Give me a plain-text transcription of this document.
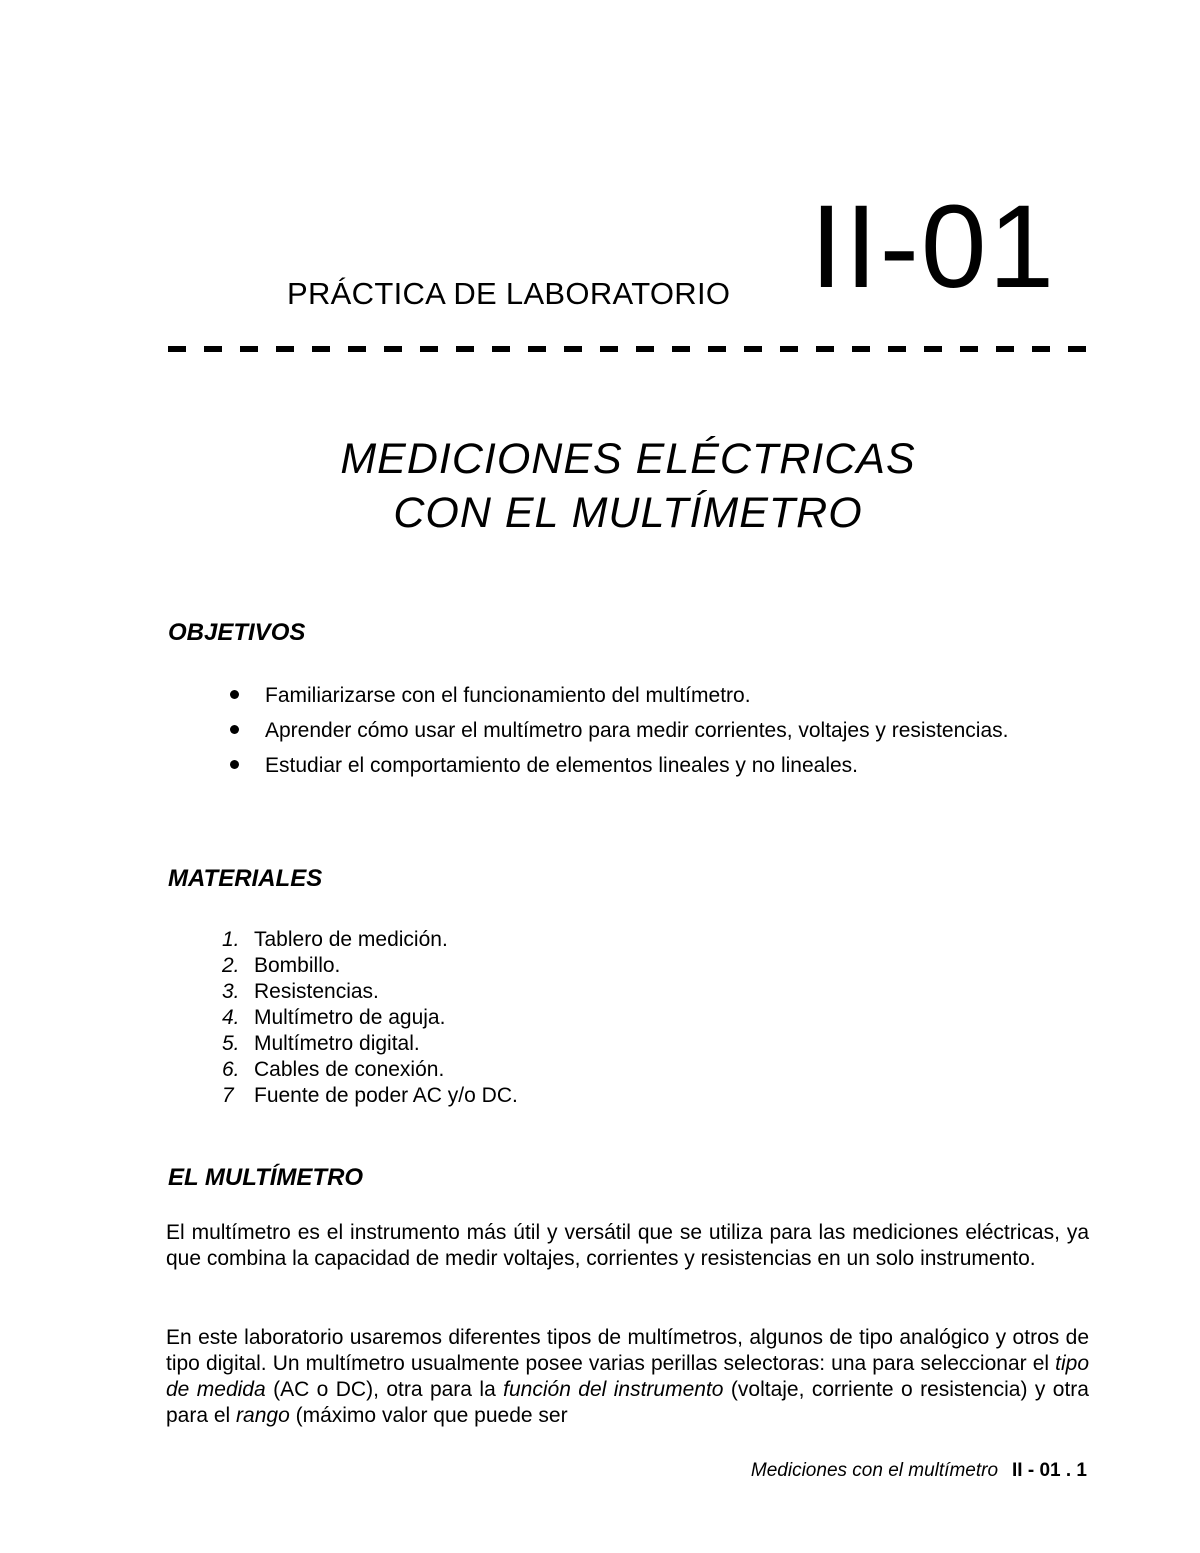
PRÁCTICA DE LABORATORIO II-01
MEDICIONES ELÉCTRICAS
CON EL MULTÍMETRO
OBJETIVOS
Familiarizarse con el funcionamiento del multímetro.
Aprender cómo usar el multímetro para medir corrientes, voltajes y resistencias.
Estudiar el comportamiento de elementos lineales y no lineales.
MATERIALES
1. Tablero de medición.
2. Bombillo.
3. Resistencias.
4. Multímetro de aguja.
5. Multímetro digital.
6. Cables de conexión.
7 Fuente de poder AC y/o DC.
EL MULTÍMETRO

El multímetro es el instrumento más útil y versátil que se utiliza para las mediciones eléctricas, ya que combina la capacidad de medir voltajes, corrientes y resistencias en un solo instrumento.

En este laboratorio usaremos diferentes tipos de multímetros, algunos de tipo analógico y otros de tipo digital. Un multímetro usualmente posee varias perillas selectoras: una para seleccionar el tipo de medida (AC o DC), otra para la función del instrumento (voltaje, corriente o resistencia) y otra para el rango (máximo valor que puede ser

Mediciones con el multímetro II - 01 . 1
